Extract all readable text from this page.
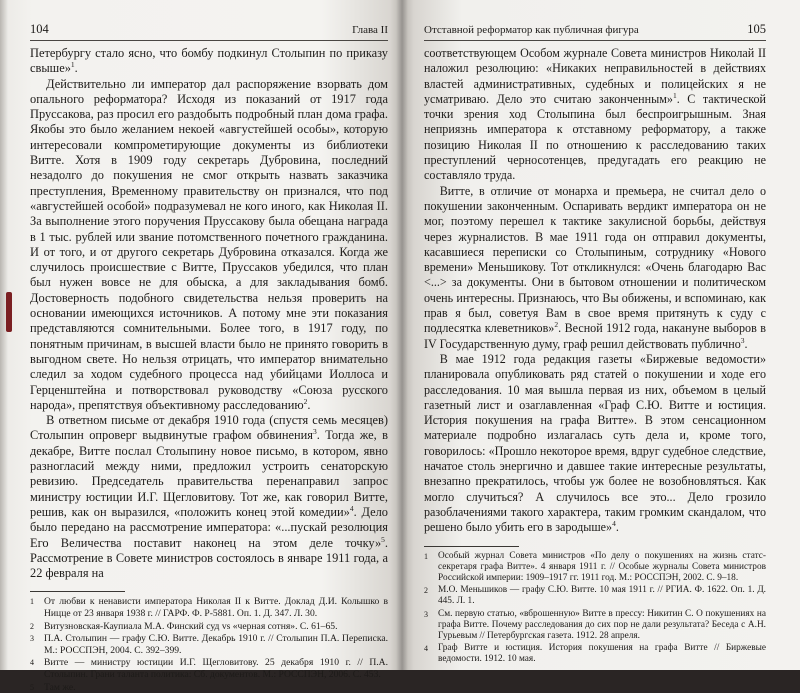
104	Глава II

Петербургу стало ясно, что бомбу подкинул Столыпин по приказу свыше»$^1$.

Действительно ли император дал распоряжение взорвать дом опального реформатора? Исходя из показаний от 1917 года Пруссакова, раз просил его раздобыть подробный план дома графа. Якобы это было желанием некоей «августейшей особы», которую интересовали компрометирующие документы из библиотеки Витте. Хотя в 1909 году секретарь Дубровина, последний незадолго до покушения не смог открыть назвать заказчика преступления, Временному правительству он признался, что под «августейшей особой» подразумевал не кого иного, как Николая II. За выполнение этого поручения Пруссакову была обещана награда в 1 тыс. рублей или звание потомственного почетного гражданина. И от того, и от другого секретарь Дубровина отказался. Когда же случилось происшествие с Витте, Пруссаков убедился, что план был нужен вовсе не для обыска, а для закладывания бомб. Достоверность подобного свидетельства нельзя проверить на основании имеющихся источников. А потому мне эти показания представляются сомнительными. Более того, в 1917 году, по понятным причинам, в высшей власти было не принято говорить в выгодном свете. Но нельзя отрицать, что император внимательно следил за ходом судебного процесса над убийцами Иоллоса и Герценштейна и потворствовал руководству «Союза русского народа», препятствуя объективному расследованию$^2$.

В ответном письме от декабря 1910 года (спустя семь месяцев) Столыпин опроверг выдвинутые графом обвинения$^3$. Тогда же, в декабре, Витте послал Столыпину новое письмо, в котором, явно разногласий между ними, предложил устроить сенаторскую ревизию. Председатель правительства перенаправил запрос министру юстиции И.Г. Щегловитову. Тот же, как говорил Витте, решив, как он выразился, «положить конец этой комедии»$^4$. Дело было передано на рассмотрение императора: «...пускай резолюция Его Величества поставит наконец на этом деле точку»$^5$. Рассмотрение в Совете министров состоялось в январе 1911 года, а 22 февраля на

1	От любви к ненависти императора Николая II к Витте. Доклад Д.И. Колышко в Ницце от 23 января 1938 г. // ГАРФ. Ф. Р-5881. Оп. 1. Д. 347. Л. 30.
2	Витузновская-Каупиала М.А. Финский суд vs «черная сотня». С. 61–65.
3	П.А. Столыпин — графу С.Ю. Витте. Декабрь 1910 г. // Столыпин П.А. Переписка. М.: РОССПЭН, 2004. С. 392–399.
4	Витте — министру юстиции И.Г. Щегловитову. 25 декабря 1910 г. // П.А. Столыпин. Грани таланта политика: Сб. документов. М.: РОССПЭН, 2006. С. 453.
5	Там же.
Отставной реформатор как публичная фигура	105

соответствующем Особом журнале Совета министров Николай II наложил резолюцию: «Никаких неправильностей в действиях властей административных, судебных и полицейских я не усматриваю. Дело это считаю законченным»$^1$. С тактической точки зрения ход Столыпина был беспроигрышным. Зная неприязнь императора к отставному реформатору, а также позицию Николая II по отношению к расследованию таких преступлений черносотенцев, предугадать его реакцию не составляло труда.

Витте, в отличие от монарха и премьера, не считал дело о покушении законченным. Оспаривать вердикт императора он не мог, поэтому перешел к тактике закулисной борьбы, действуя через журналистов. В мае 1911 года он отправил документы, касавшиеся переписки со Столыпиным, сотруднику «Нового времени» Меньшикову. Тот откликнулся: «Очень благодарю Вас <...> за документы. Они в бытовом отношении и политическом очень интересны. Признаюсь, что Вы обижены, и вспоминаю, как прав я был, советуя Вам в свое время притянуть к суду с подлесятка клеветников»$^2$. Весной 1912 года, накануне выборов в IV Государственную думу, граф решил действовать публично$^3$.

В мае 1912 года редакция газеты «Биржевые ведомости» планировала опубликовать ряд статей о покушении и ходе его расследования. 10 мая вышла первая из них, объемом в целый газетный лист и озаглавленная «Граф С.Ю. Витте и юстиция. История покушения на графа Витте». В этом сенсационном материале подробно излагалась суть дела и, кроме того, говорилось: «Прошло некоторое время, вдруг судебное следствие, начатое столь энергично и давшее такие интересные результаты, внезапно прекратилось, чтобы уж более не возобновляться. Как могло случиться? А случилось все это... Дело грозило разоблачениями такого характера, таким громким скандалом, что решено было убить его в зародыше»$^4$.

1	Особый журнал Совета министров «По делу о покушениях на жизнь статс-секретаря графа Витте». 4 января 1911 г. // Особые журналы Совета министров Российской империи: 1909–1917 гг. 1911 год. М.: РОССПЭН, 2002. С. 9–18.
2	М.О. Меньшиков — графу С.Ю. Витте. 10 мая 1911 г. // РГИА. Ф. 1622. Оп. 1. Д. 445. Л. 1.
3	См. первую статью, «вброшенную» Витте в прессу: Никитин С. О покушениях на графа Витте. Почему расследования до сих пор не дали результата? Беседа с А.Н. Гурьевым // Петербургская газета. 1912. 28 апреля.
4	Граф Витте и юстиция. История покушения на графа Витте // Биржевые ведомости. 1912. 10 мая.
